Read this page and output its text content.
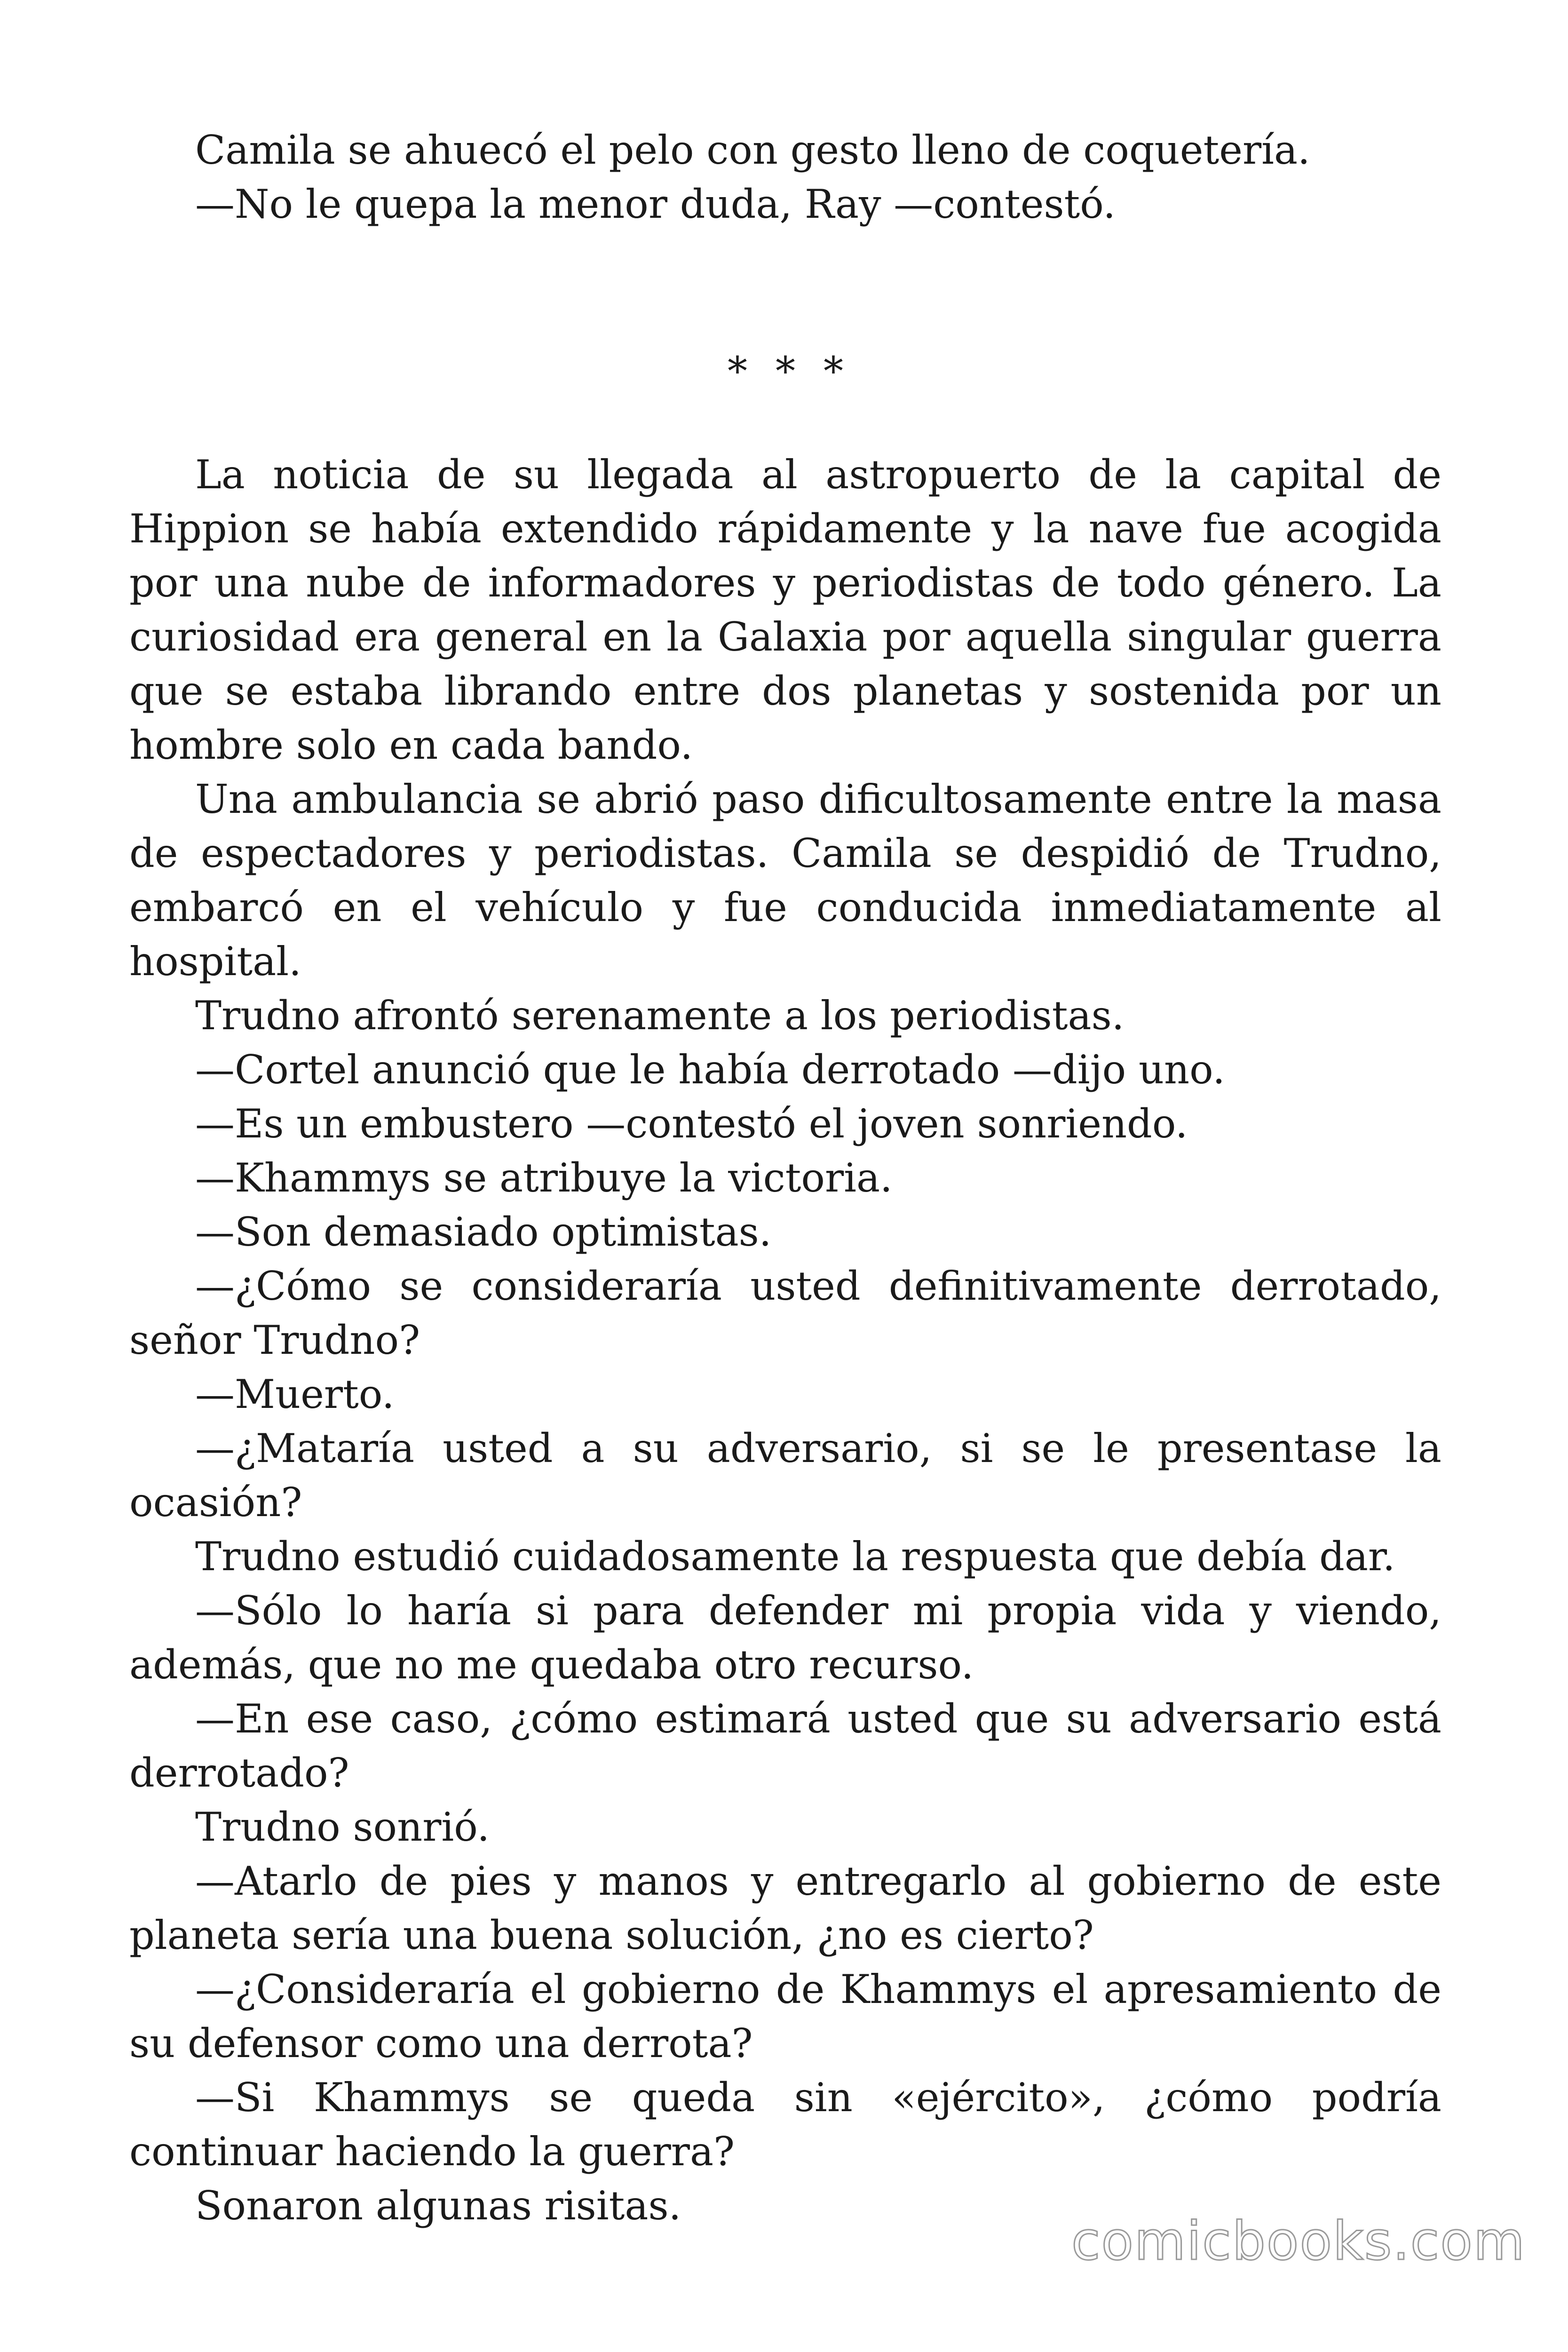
Camila se ahuecó el pelo con gesto lleno de coquetería.

—No le quepa la menor duda, Ray —contestó.

* * *

La noticia de su llegada al astropuerto de la capital de Hippion se había extendido rápidamente y la nave fue acogida por una nube de informadores y periodistas de todo género. La curiosidad era general en la Galaxia por aquella singular guerra que se estaba librando entre dos planetas y sostenida por un hombre solo en cada bando.

Una ambulancia se abrió paso dificultosamente entre la masa de espectadores y periodistas. Camila se despidió de Trudno, embarcó en el vehículo y fue conducida inmediatamente al hospital.

Trudno afrontó serenamente a los periodistas.

—Cortel anunció que le había derrotado —dijo uno.

—Es un embustero —contestó el joven sonriendo.

—Khammys se atribuye la victoria.

—Son demasiado optimistas.

—¿Cómo se consideraría usted definitivamente derrotado, señor Trudno?

—Muerto.

—¿Mataría usted a su adversario, si se le presentase la ocasión?

Trudno estudió cuidadosamente la respuesta que debía dar.

—Sólo lo haría si para defender mi propia vida y viendo, además, que no me quedaba otro recurso.

—En ese caso, ¿cómo estimará usted que su adversario está derrotado?

Trudno sonrió.

—Atarlo de pies y manos y entregarlo al gobierno de este planeta sería una buena solución, ¿no es cierto?

—¿Consideraría el gobierno de Khammys el apresamiento de su defensor como una derrota?

—Si Khammys se queda sin «ejército», ¿cómo podría continuar haciendo la guerra?

Sonaron algunas risitas.

comicbooks.com
